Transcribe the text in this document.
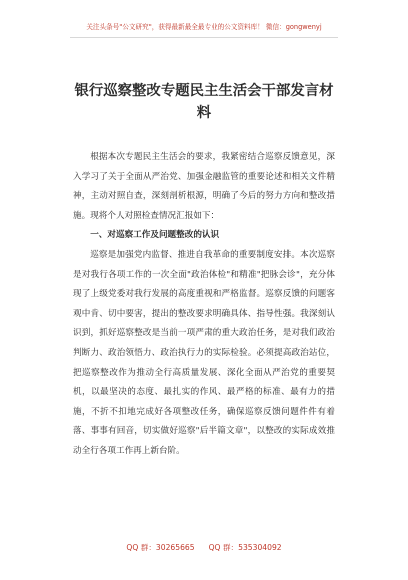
关注头条号"公文研究"，获得最新最全最专业的公文资料库！ 微信：gongwenyj
银行巡察整改专题民主生活会干部发言材料

根据本次专题民主生活会的要求，我紧密结合巡察反馈意见，深入学习了关于全面从严治党、加强金融监管的重要论述和相关文件精神，主动对照自查，深刻剖析根源，明确了今后的努力方向和整改措施。现将个人对照检查情况汇报如下：

一、对巡察工作及问题整改的认识

巡察是加强党内监督、推进自我革命的重要制度安排。本次巡察是对我行各项工作的一次全面"政治体检"和精准"把脉会诊"，充分体现了上级党委对我行发展的高度重视和严格监督。巡察反馈的问题客观中肯、切中要害，提出的整改要求明确具体、指导性强。我深刻认识到，抓好巡察整改是当前一项严肃的重大政治任务，是对我们政治判断力、政治领悟力、政治执行力的实际检验。必须提高政治站位，把巡察整改作为推动全行高质量发展、深化全面从严治党的重要契机，以最坚决的态度、最扎实的作风、最严格的标准、最有力的措施，不折不扣地完成好各项整改任务，确保巡察反馈问题件件有着落、事事有回音，切实做好巡察"后半篇文章"，以整改的实际成效推动全行各项工作再上新台阶。

QQ 群：30265665 QQ 群：535304092
